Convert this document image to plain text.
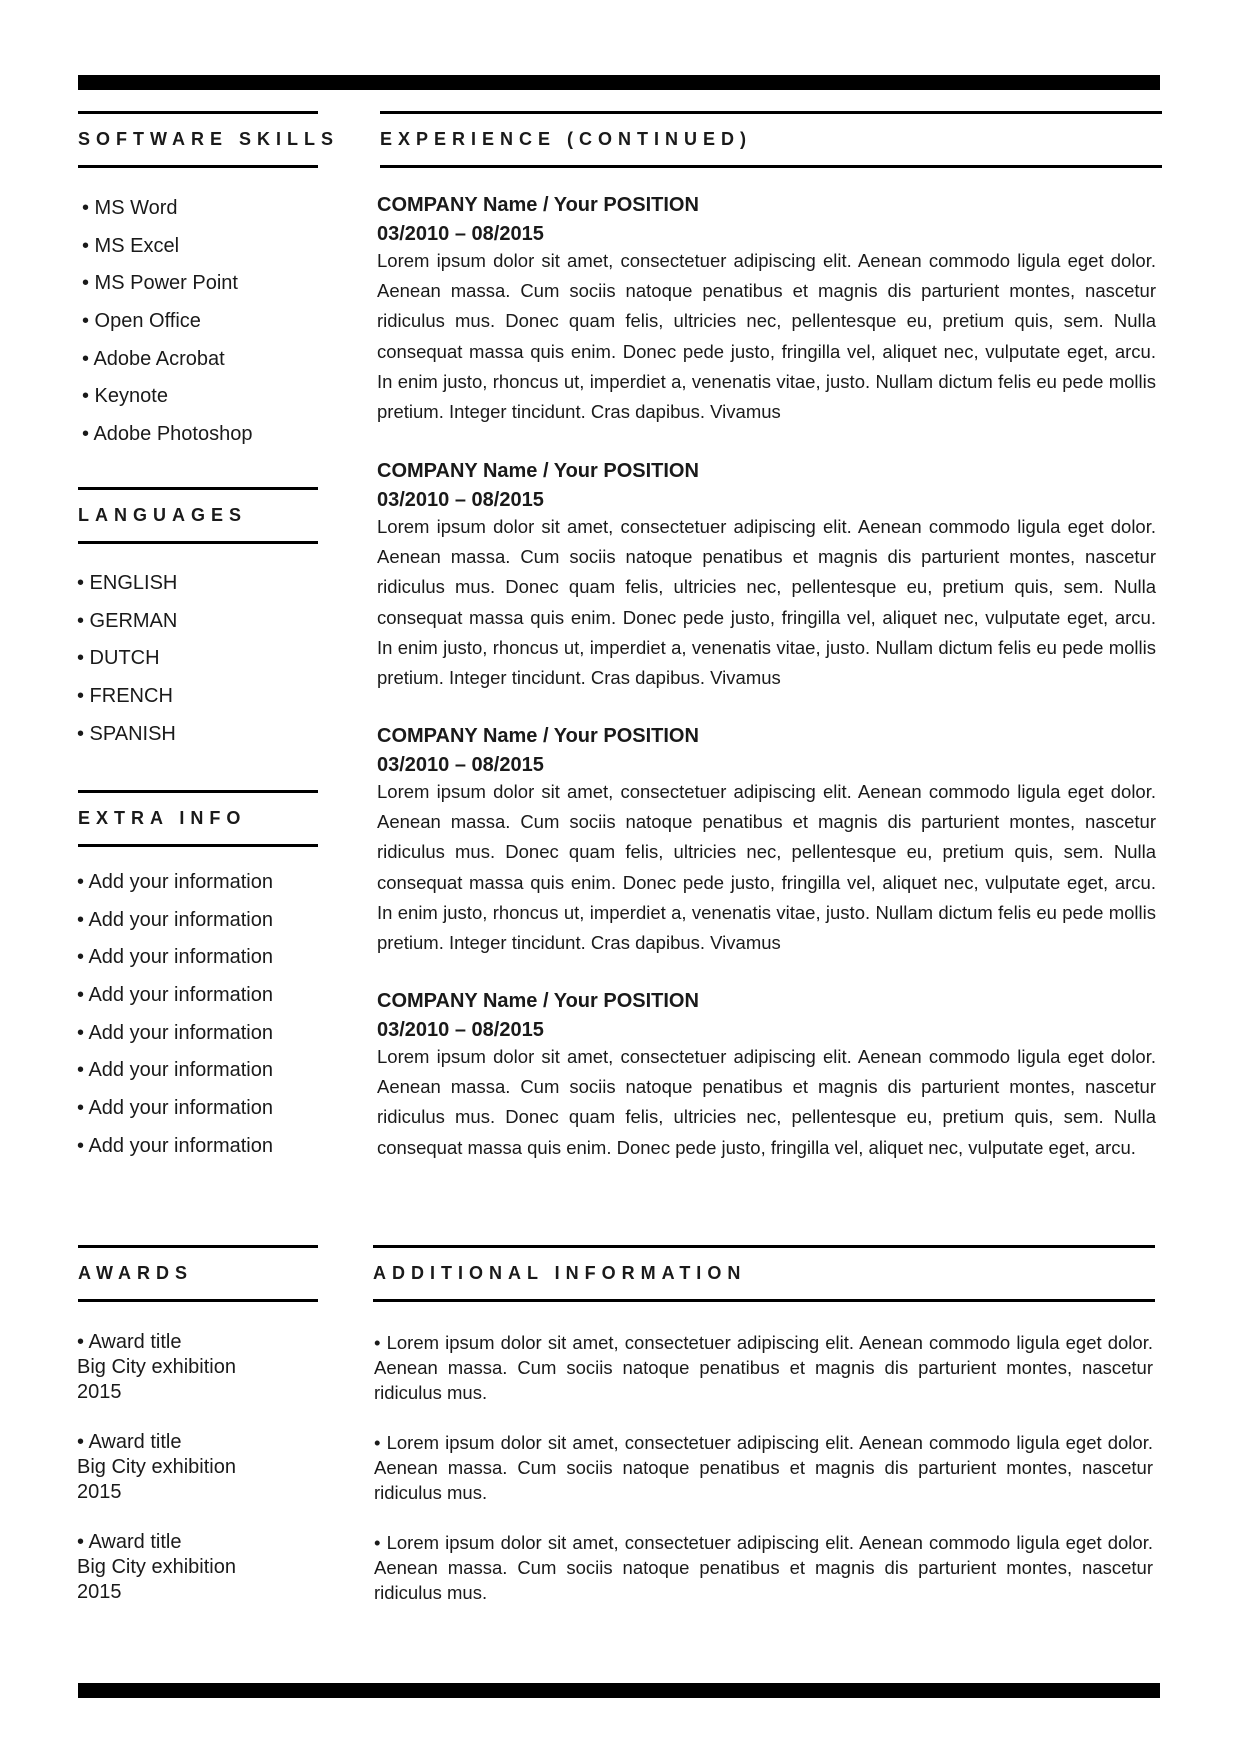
SOFTWARE SKILLS
• MS Word
• MS Excel
• MS Power Point
• Open Office
• Adobe Acrobat
• Keynote
• Adobe Photoshop
LANGUAGES
• ENGLISH
• GERMAN
• DUTCH
• FRENCH
• SPANISH
EXTRA INFO
• Add your information
• Add your information
• Add your information
• Add your information
• Add your information
• Add your information
• Add your information
• Add your information
AWARDS
• Award title
Big City exhibition
2015
• Award title
Big City exhibition
2015
• Award title
Big City exhibition
2015
EXPERIENCE (CONTINUED)
COMPANY Name / Your POSITION
03/2010 – 08/2015
Lorem ipsum dolor sit amet, consectetuer adipiscing elit. Aenean commodo ligula eget dolor. Aenean massa. Cum sociis natoque penatibus et magnis dis parturient montes, nascetur ridiculus mus. Donec quam felis, ultricies nec, pellentesque eu, pretium quis, sem. Nulla consequat massa quis enim. Donec pede justo, fringilla vel, aliquet nec, vulputate eget, arcu. In enim justo, rhoncus ut, imperdiet a, venenatis vitae, justo. Nullam dictum felis eu pede mollis pretium. Integer tincidunt. Cras dapibus. Vivamus
COMPANY Name / Your POSITION
03/2010 – 08/2015
Lorem ipsum dolor sit amet, consectetuer adipiscing elit. Aenean commodo ligula eget dolor. Aenean massa. Cum sociis natoque penatibus et magnis dis parturient montes, nascetur ridiculus mus. Donec quam felis, ultricies nec, pellentesque eu, pretium quis, sem. Nulla consequat massa quis enim. Donec pede justo, fringilla vel, aliquet nec, vulputate eget, arcu. In enim justo, rhoncus ut, imperdiet a, venenatis vitae, justo. Nullam dictum felis eu pede mollis pretium. Integer tincidunt. Cras dapibus. Vivamus
COMPANY Name / Your POSITION
03/2010 – 08/2015
Lorem ipsum dolor sit amet, consectetuer adipiscing elit. Aenean commodo ligula eget dolor. Aenean massa. Cum sociis natoque penatibus et magnis dis parturient montes, nascetur ridiculus mus. Donec quam felis, ultricies nec, pellentesque eu, pretium quis, sem. Nulla consequat massa quis enim. Donec pede justo, fringilla vel, aliquet nec, vulputate eget, arcu. In enim justo, rhoncus ut, imperdiet a, venenatis vitae, justo. Nullam dictum felis eu pede mollis pretium. Integer tincidunt. Cras dapibus. Vivamus
COMPANY Name / Your POSITION
03/2010 – 08/2015
Lorem ipsum dolor sit amet, consectetuer adipiscing elit. Aenean commodo ligula eget dolor. Aenean massa. Cum sociis natoque penatibus et magnis dis parturient montes, nascetur ridiculus mus. Donec quam felis, ultricies nec, pellentesque eu, pretium quis, sem. Nulla consequat massa quis enim. Donec pede justo, fringilla vel, aliquet nec, vulputate eget, arcu.
ADDITIONAL INFORMATION
• Lorem ipsum dolor sit amet, consectetuer adipiscing elit. Aenean commodo ligula eget dolor. Aenean massa. Cum sociis natoque penatibus et magnis dis parturient montes, nascetur ridiculus mus.
• Lorem ipsum dolor sit amet, consectetuer adipiscing elit. Aenean commodo ligula eget dolor. Aenean massa. Cum sociis natoque penatibus et magnis dis parturient montes, nascetur ridiculus mus.
• Lorem ipsum dolor sit amet, consectetuer adipiscing elit. Aenean commodo ligula eget dolor. Aenean massa. Cum sociis natoque penatibus et magnis dis parturient montes, nascetur ridiculus mus.
